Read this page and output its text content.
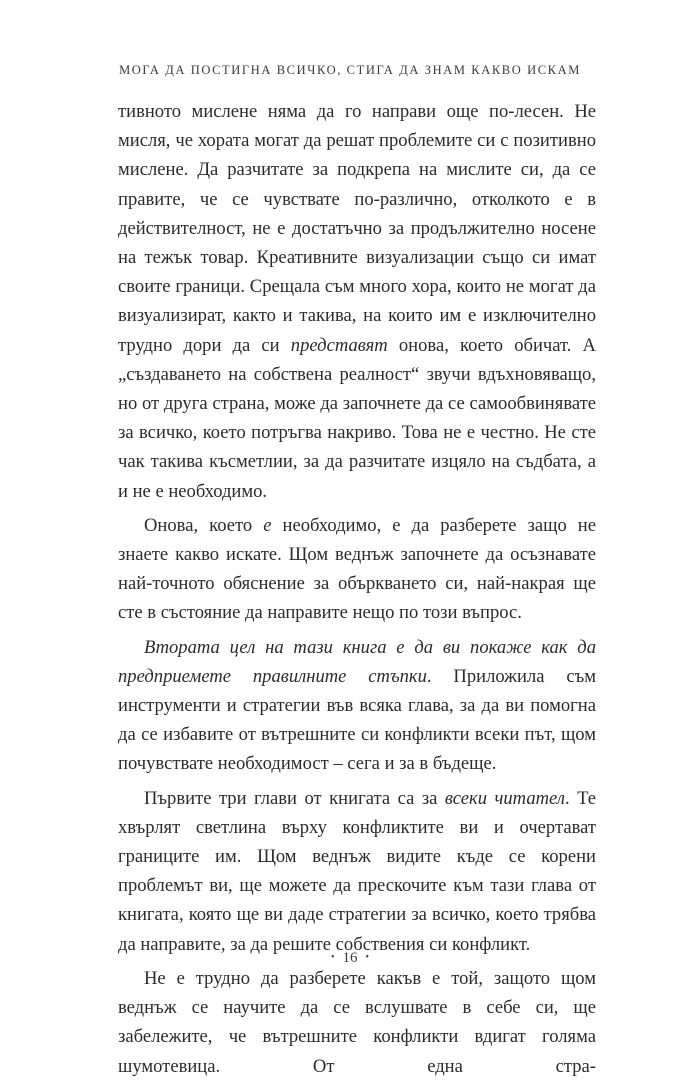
МОГА ДА ПОСТИГНА ВСИЧКО, СТИГА ДА ЗНАМ КАКВО ИСКАМ

тивното мислене няма да го направи още по-лесен. Не мисля, че хората могат да решат проблемите си с позитивно мислене. Да разчитате за подкрепа на мислите си, да се правите, че се чувствате по-различно, отколкото е в действителност, не е достатъчно за продължително носене на тежък товар. Креативните визуализации също си имат своите граници. Срещала съм много хора, които не могат да визуализират, както и такива, на които им е изключително трудно дори да си представят онова, което обичат. А „създаването на собствена реалност“ звучи вдъхновяващо, но от друга страна, може да започнете да се самообвинявате за всичко, което потръгва накриво. Това не е честно. Не сте чак такива късметлии, за да разчитате изцяло на съдбата, а и не е необходимо.

Онова, което е необходимо, е да разберете защо не знаете какво искате. Щом веднъж започнете да осъзнавате най-точното обяснение за объркването си, най-накрая ще сте в състояние да направите нещо по този въпрос.

Втората цел на тази книга е да ви покаже как да предприемете правилните стъпки. Приложила съм инструменти и стратегии във всяка глава, за да ви помогна да се избавите от вътрешните си конфликти всеки път, щом почувствате необходимост – сега и за в бъдеще.

Първите три глави от книгата са за всеки читател. Те хвърлят светлина върху конфликтите ви и очертават границите им. Щом веднъж видите къде се корени проблемът ви, ще можете да прескочите към тази глава от книгата, която ще ви даде стратегии за всичко, което трябва да направите, за да решите собствения си конфликт.

Не е трудно да разберете какъв е той, защото щом веднъж се научите да се вслушвате в себе си, ще забележите, че вътрешните конфликти вдигат голяма шумотевица. От една стра-

• 16 •
